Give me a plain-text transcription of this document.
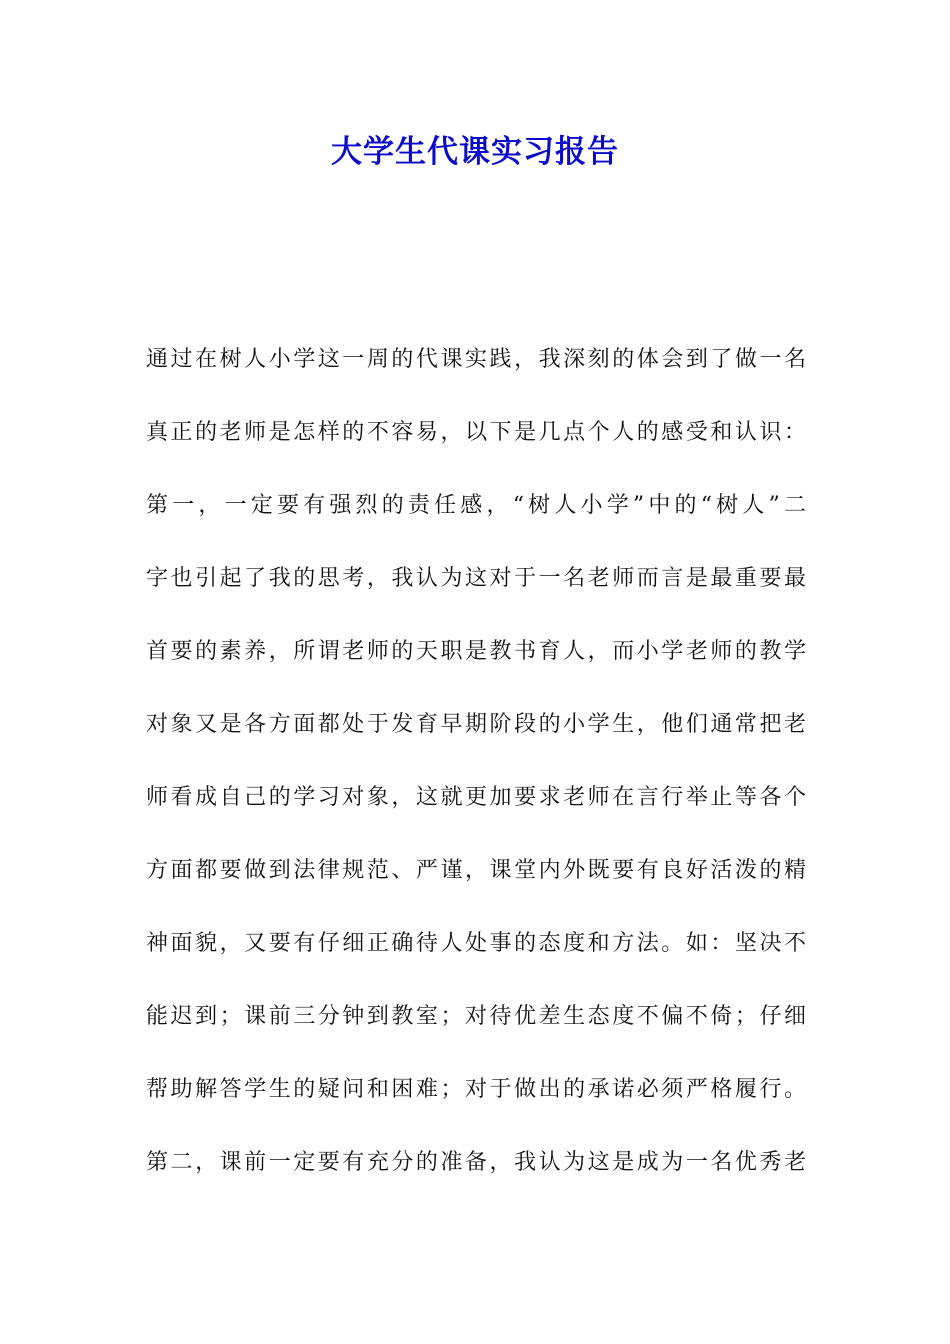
大学生代课实习报告
通过在树人小学这一周的代课实践，我深刻的体会到了做一名
真正的老师是怎样的不容易，以下是几点个人的感受和认识：
第一，一定要有强烈的责任感，“树人小学”中的“树人”二
字也引起了我的思考，我认为这对于一名老师而言是最重要最
首要的素养，所谓老师的天职是教书育人，而小学老师的教学
对象又是各方面都处于发育早期阶段的小学生，他们通常把老
师看成自己的学习对象，这就更加要求老师在言行举止等各个
方面都要做到法律规范、严谨，课堂内外既要有良好活泼的精
神面貌，又要有仔细正确待人处事的态度和方法。如：坚决不
能迟到；课前三分钟到教室；对待优差生态度不偏不倚；仔细
帮助解答学生的疑问和困难；对于做出的承诺必须严格履行。
第二，课前一定要有充分的准备，我认为这是成为一名优秀老
